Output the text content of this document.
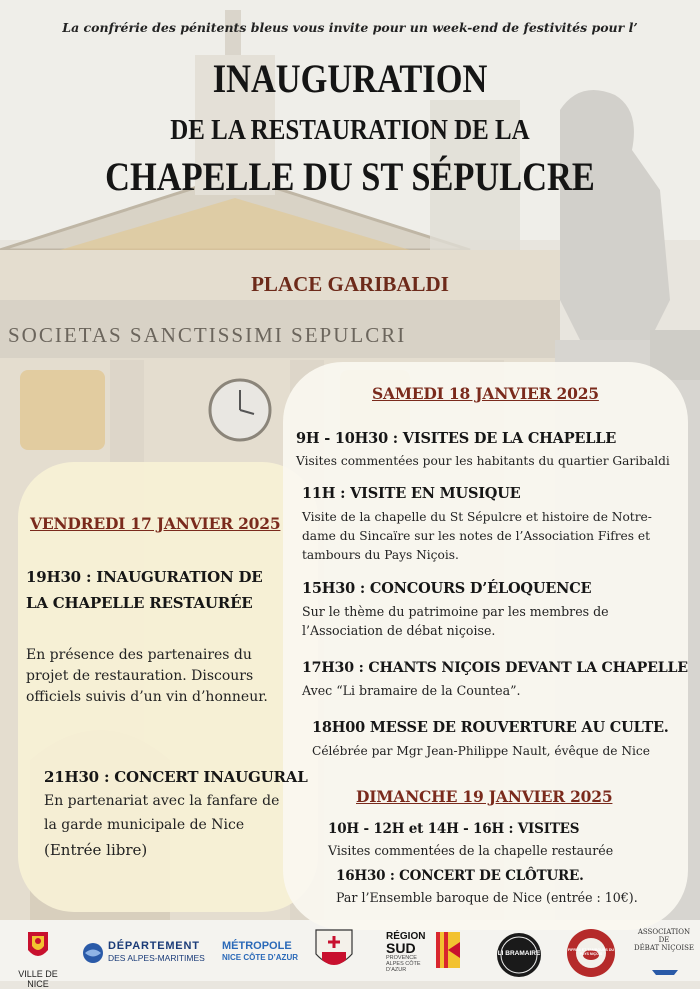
SOCIETAS SANCTISSIMI SEPULCRI
La confrérie des pénitents bleus vous invite pour un week-end de festivités pour l’
INAUGURATION
DE LA RESTAURATION DE LA
CHAPELLE DU ST SÉPULCRE
PLACE GARIBALDI
VENDREDI 17 JANVIER 2025
19H30 : INAUGURATION DE
LA CHAPELLE RESTAURÉE
En présence des partenaires du
projet de restauration. Discours
officiels suivis d’un vin d’honneur.
21H30 : CONCERT INAUGURAL
En partenariat avec la fanfare de
la garde municipale de Nice
(Entrée libre)
SAMEDI 18 JANVIER 2025
9H - 10H30 : VISITES DE LA CHAPELLE
Visites commentées pour les habitants du quartier Garibaldi
11H : VISITE EN MUSIQUE
Visite de la chapelle du St Sépulcre et histoire de Notre-
dame du Sincaïre sur les notes de l’Association Fifres et
tambours du Pays Niçois.
15H30 : CONCOURS D’ÉLOQUENCE
Sur le thème du patrimoine par les membres de
l’Association de débat niçoise.
17H30 : CHANTS NIÇOIS DEVANT LA CHAPELLE
Avec “Li bramaire de la Countea”.
18H00 MESSE DE ROUVERTURE AU CULTE.
Célébrée par Mgr Jean-Philippe Nault, évêque de Nice
DIMANCHE 19 JANVIER 2025
10H - 12H et 14H - 16H : VISITES
Visites commentées de la chapelle restaurée
16H30 : CONCERT DE CLÔTURE.
Par l’Ensemble baroque de Nice (entrée : 10€).
VILLE DE NICE
DÉPARTEMENT
DES ALPES-MARITIMES
MÉTROPOLE
NICE CÔTE D’AZUR
RÉGION
SUD
PROVENCE ALPES CÔTE D’AZUR
LI BRAMAIRE	FIFRES ET TAMBOURS DU PAYS NIÇOIS
ASSOCIATION
DE
DÉBAT NIÇOISE
